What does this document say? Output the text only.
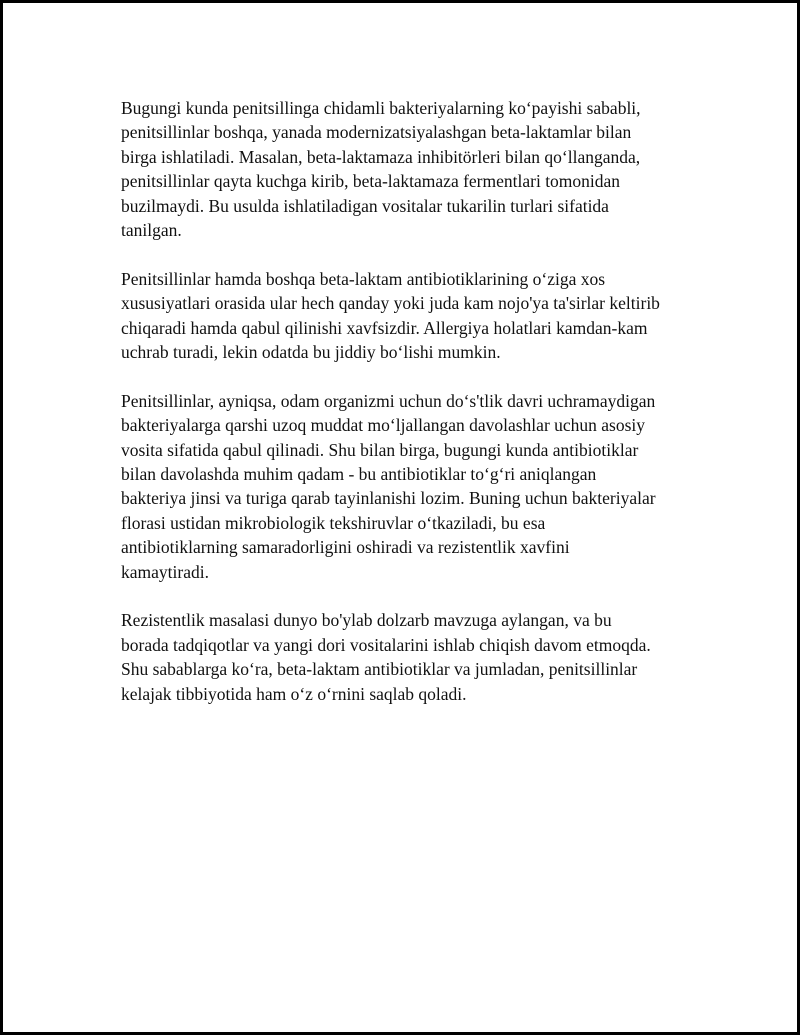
Bugungi kunda penitsillinga chidamli bakteriyalarning koʻpayishi sababli,
penitsillinlar boshqa, yanada modernizatsiyalashgan beta-laktamlar bilan
birga ishlatiladi. Masalan, beta-laktamaza inhibitörleri bilan qoʻllanganda,
penitsillinlar qayta kuchga kirib, beta-laktamaza fermentlari tomonidan
buzilmaydi. Bu usulda ishlatiladigan vositalar tukarilin turlari sifatida
tanilgan.

Penitsillinlar hamda boshqa beta-laktam antibiotiklarining oʻziga xos
xususiyatlari orasida ular hech qanday yoki juda kam nojo'ya ta'sirlar keltirib
chiqaradi hamda qabul qilinishi xavfsizdir. Allergiya holatlari kamdan-kam
uchrab turadi, lekin odatda bu jiddiy boʻlishi mumkin.

Penitsillinlar, ayniqsa, odam organizmi uchun doʻs'tlik davri uchramaydigan
bakteriyalarga qarshi uzoq muddat moʻljallangan davolashlar uchun asosiy
vosita sifatida qabul qilinadi. Shu bilan birga, bugungi kunda antibiotiklar
bilan davolashda muhim qadam - bu antibiotiklar toʻgʻri aniqlangan
bakteriya jinsi va turiga qarab tayinlanishi lozim. Buning uchun bakteriyalar
florasi ustidan mikrobiologik tekshiruvlar oʻtkaziladi, bu esa
antibiotiklarning samaradorligini oshiradi va rezistentlik xavfini
kamaytiradi.

Rezistentlik masalasi dunyo bo'ylab dolzarb mavzuga aylangan, va bu
borada tadqiqotlar va yangi dori vositalarini ishlab chiqish davom etmoqda.
Shu sabablarga koʻra, beta-laktam antibiotiklar va jumladan, penitsillinlar
kelajak tibbiyotida ham oʻz oʻrnini saqlab qoladi.
